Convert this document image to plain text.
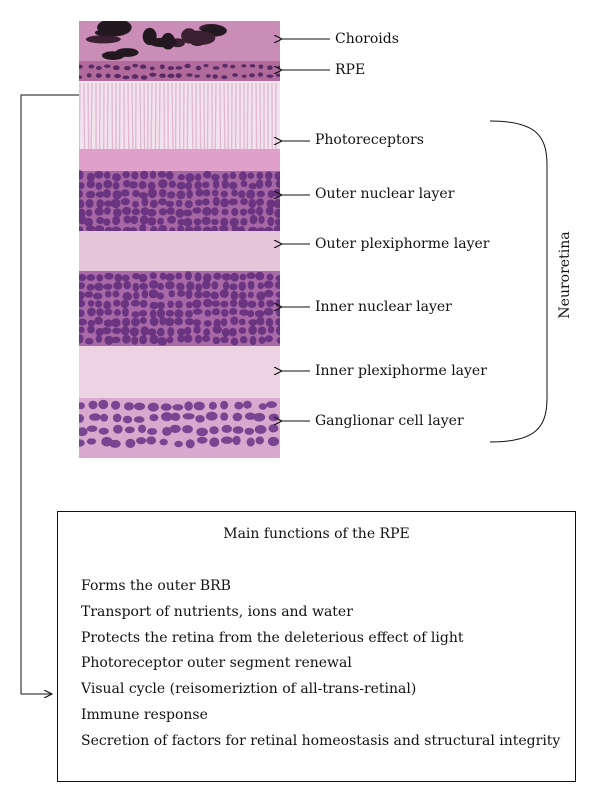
Choroids
RPE
Photoreceptors
Outer nuclear layer
Outer plexiphorme layer
Inner nuclear layer
Inner plexiphorme layer
Ganglionar cell layer
Neuroretina
Main functions of the RPE
Forms the outer BRB
Transport of nutrients, ions and water
Protects the retina from the deleterious effect of light
Photoreceptor outer segment renewal
Visual cycle (reisomeriztion of all-trans-retinal)
Immune response
Secretion of factors for retinal homeostasis and structural integrity
